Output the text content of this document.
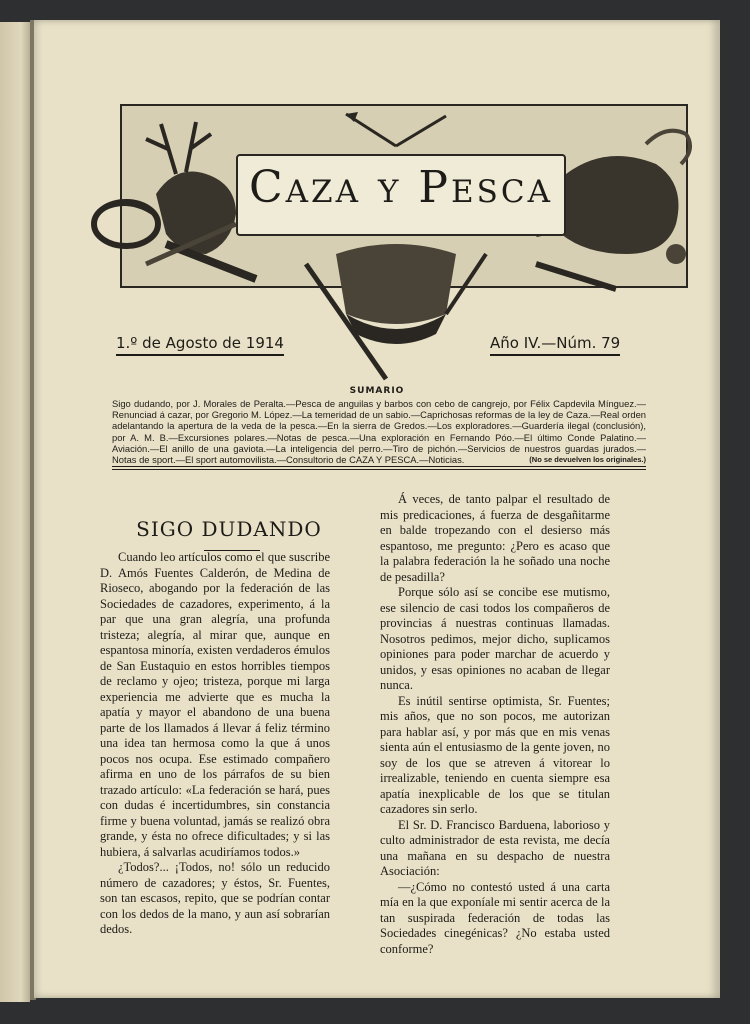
Caza y Pesca
1.º de Agosto de 1914	Año IV.—Núm. 79
SUMARIO
Sigo dudando, por J. Morales de Peralta.—Pesca de anguilas y barbos con cebo de cangrejo, por Félix Capdevila Mínguez.—Renunciad á cazar, por Gregorio M. López.—La temeridad de un sabio.—Caprichosas reformas de la ley de Caza.—Real orden adelantando la apertura de la veda de la pesca.—En la sierra de Gredos.—Los exploradores.—Guardería ilegal (conclusión), por A. M. B.—Excursiones polares.—Notas de pesca.—Una exploración en Fernando Póo.—El último Conde Palatino.—Aviación.—El anillo de una gaviota.—La inteligencia del perro.—Tiro de pichón.—Servicios de nuestros guardas jurados.—Notas de sport.—El sport automovilista.—Consultorio de CAZA Y PESCA.—Noticias.	(No se devuelven los originales.)
SIGO DUDANDO

Cuando leo artículos como el que suscribe D. Amós Fuentes Calderón, de Medina de Rioseco, abogando por la federación de las Sociedades de cazadores, experimento, á la par que una gran alegría, una profunda tristeza; alegría, al mirar que, aunque en espantosa minoría, existen verdaderos émulos de San Eustaquio en estos horribles tiempos de reclamo y ojeo; tristeza, porque mi larga experiencia me advierte que es mucha la apatía y mayor el abandono de una buena parte de los llamados á llevar á feliz término una idea tan hermosa como la que á unos pocos nos ocupa. Ese estimado compañero afirma en uno de los párrafos de su bien trazado artículo: «La federación se hará, pues con dudas é incertidumbres, sin constancia firme y buena voluntad, jamás se realizó obra grande, y ésta no ofrece dificultades; y si las hubiera, á salvarlas acudiríamos todos.»

¿Todos?... ¡Todos, no! sólo un reducido número de cazadores; y éstos, Sr. Fuentes, son tan escasos, repito, que se podrían contar con los dedos de la mano, y aun así sobrarían dedos.

Á veces, de tanto palpar el resultado de mis predicaciones, á fuerza de desgañitarme en balde tropezando con el desierso más espantoso, me pregunto: ¿Pero es acaso que la palabra federación la he soñado una noche de pesadilla?

Porque sólo así se concibe ese mutismo, ese silencio de casi todos los compañeros de provincias á nuestras continuas llamadas. Nosotros pedimos, mejor dicho, suplicamos opiniones para poder marchar de acuerdo y unidos, y esas opiniones no acaban de llegar nunca.

Es inútil sentirse optimista, Sr. Fuentes; mis años, que no son pocos, me autorizan para hablar así, y por más que en mis venas sienta aún el entusiasmo de la gente joven, no soy de los que se atreven á vitorear lo irrealizable, teniendo en cuenta siempre esa apatía inexplicable de los que se titulan cazadores sin serlo.

El Sr. D. Francisco Barduena, laborioso y culto administrador de esta revista, me decía una mañana en su despacho de nuestra Asociación:

—¿Cómo no contestó usted á una carta mía en la que exponíale mi sentir acerca de la tan suspirada federación de todas las Sociedades cinegénicas? ¿No estaba usted conforme?
